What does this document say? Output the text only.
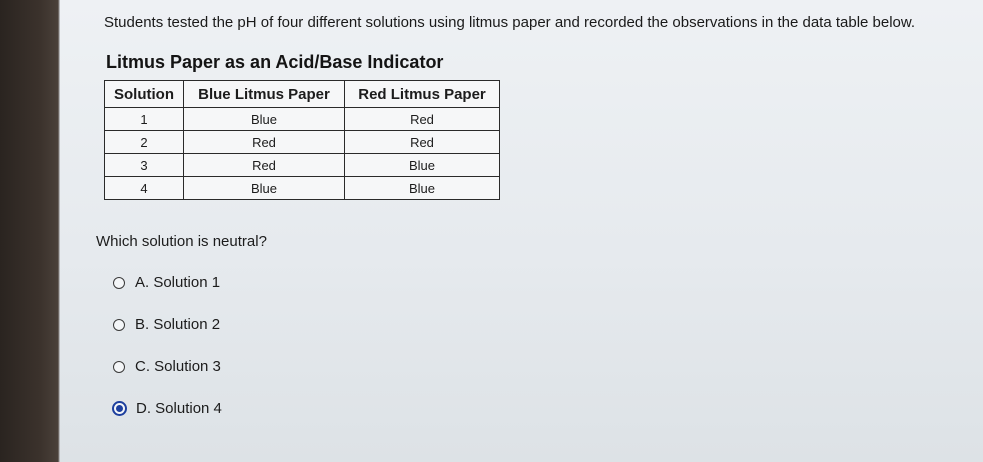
Students tested the pH of four different solutions using litmus paper and recorded the observations in the data table below.
Litmus Paper as an Acid/Base Indicator
Solution	Blue Litmus Paper	Red Litmus Paper
1	Blue	Red
2	Red	Red
3	Red	Blue
4	Blue	Blue
Which solution is neutral?
A. Solution 1
B. Solution 2
C. Solution 3
D. Solution 4
